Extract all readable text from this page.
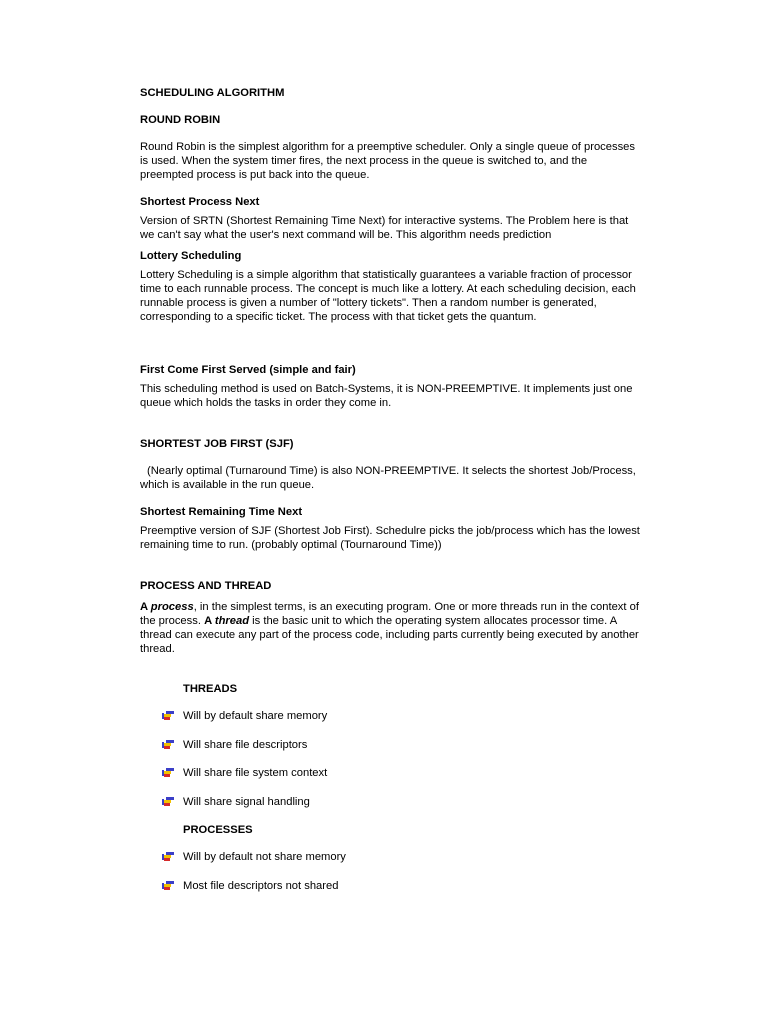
SCHEDULING ALGORITHM
ROUND ROBIN
Round Robin is the simplest algorithm for a preemptive scheduler. Only a single queue of processes is used. When the system timer fires, the next process in the queue is switched to, and the preempted process is put back into the queue.
Shortest Process Next
Version of SRTN (Shortest Remaining Time Next) for interactive systems. The Problem here is that we can't say what the user's next command will be. This algorithm needs prediction
Lottery Scheduling
Lottery Scheduling is a simple algorithm that statistically guarantees a variable fraction of processor time to each runnable process. The concept is much like a lottery. At each scheduling decision, each runnable process is given a number of "lottery tickets". Then a random number is generated, corresponding to a specific ticket. The process with that ticket gets the quantum.
First Come First Served (simple and fair)
This scheduling method is used on Batch-Systems, it is NON-PREEMPTIVE. It implements just one queue which holds the tasks in order they come in.
SHORTEST JOB FIRST (SJF)
(Nearly optimal (Turnaround Time) is also NON-PREEMPTIVE. It selects the shortest Job/Process, which is available in the run queue.
Shortest Remaining Time Next
Preemptive version of SJF (Shortest Job First). Schedulre picks the job/process which has the lowest remaining time to run. (probably optimal (Tournaround Time))
PROCESS AND THREAD
A process, in the simplest terms, is an executing program. One or more threads run in the context of the process. A thread is the basic unit to which the operating system allocates processor time. A thread can execute any part of the process code, including parts currently being executed by another thread.
THREADS
Will by default share memory
Will share file descriptors
Will share file system context
Will share signal handling
PROCESSES
Will by default not share memory
Most file descriptors not shared
